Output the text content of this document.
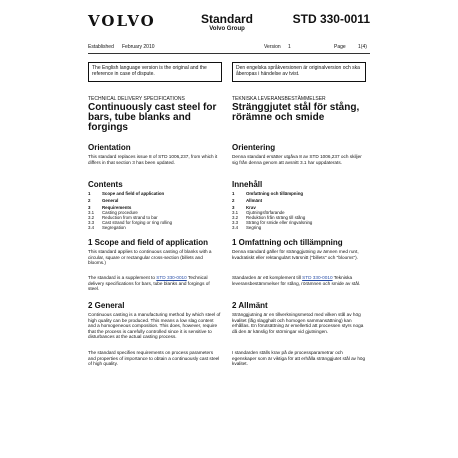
VOLVO	Standard
Volvo Group
STD 330-0011
Established February 2010	Version 1	Page 1(4)
The English language version is the original and the reference in case of dispute.
TECHNICAL DELIVERY SPECIFICATIONS
Continuously cast steel for bars, tube blanks and forgings
Orientation
This standard replaces issue 8 of STD 1006,237, from which it differs in that section 3 has been updated.
Contents
1	Scope and field of application
2	General
3	Requirements
3.1	Casting procedure
3.2	Reduction from strand to bar
3.3	Cast strand for forging or ring rolling
3.4	Segregation
1 Scope and field of application
This standard applies to continuous casting of blanks with a circular, square or rectangular cross-section (billets and blooms.)
The standard is a supplement to STD 330-0010 Technical delivery specifications for bars, tube blanks and forgings of steel.
2 General
Continuous casting is a manufacturing method by which steel of high quality can be produced. This means a low slag content and a homogeneous composition. This does, however, require that the process is carefully controlled since it is sensitive to disturbances at the actual casting process.
The standard specifies requirements on process parameters and properties of importance to obtain a continuously cast steel of high quality.
Den engelska språkversionen är originalversion och ska åberopas i händelse av tvist.
TEKNISKA LEVERANSBESTÄMMELSER
Stränggjutet stål för stång, rörämne och smide
Orientering
Denna standard ersätter utgåva 8 av STD 1006,237 och skiljer sig från denna genom att avsnitt 3.1 har uppdaterats.
Innehåll
1	Omfattning och tillämpning
2	Allmänt
3	Krav
3.1	Gjutningsförfarande
3.2	Reduktion från sträng till stång
3.3	Sträng för smide eller ringvalsning
3.4	Segring
1 Omfattning och tillämpning
Denna standard gäller för stränggjutning av ämnen med runt, kvadratiskt eller rektangulärt tvärsnitt ("billets" och "blooms").
Standarden är ett komplement till STD 330-0010 Tekniska leveransbestämmelser för stång, rörämnen och smide av stål.
2 Allmänt
Stränggjutning är en tillverkningsmetod med vilken stål av hög kvalitet (låg slagghalt och homogen sammansättning) kan erhållas. En förutsättning är emellertid att processen styrs noga då den är känslig för störningar vid gjutningen.
I standarden ställs krav på de processparametrar och egenskaper som är viktiga för att erhålla stränggjutet stål av hög kvalitet.
